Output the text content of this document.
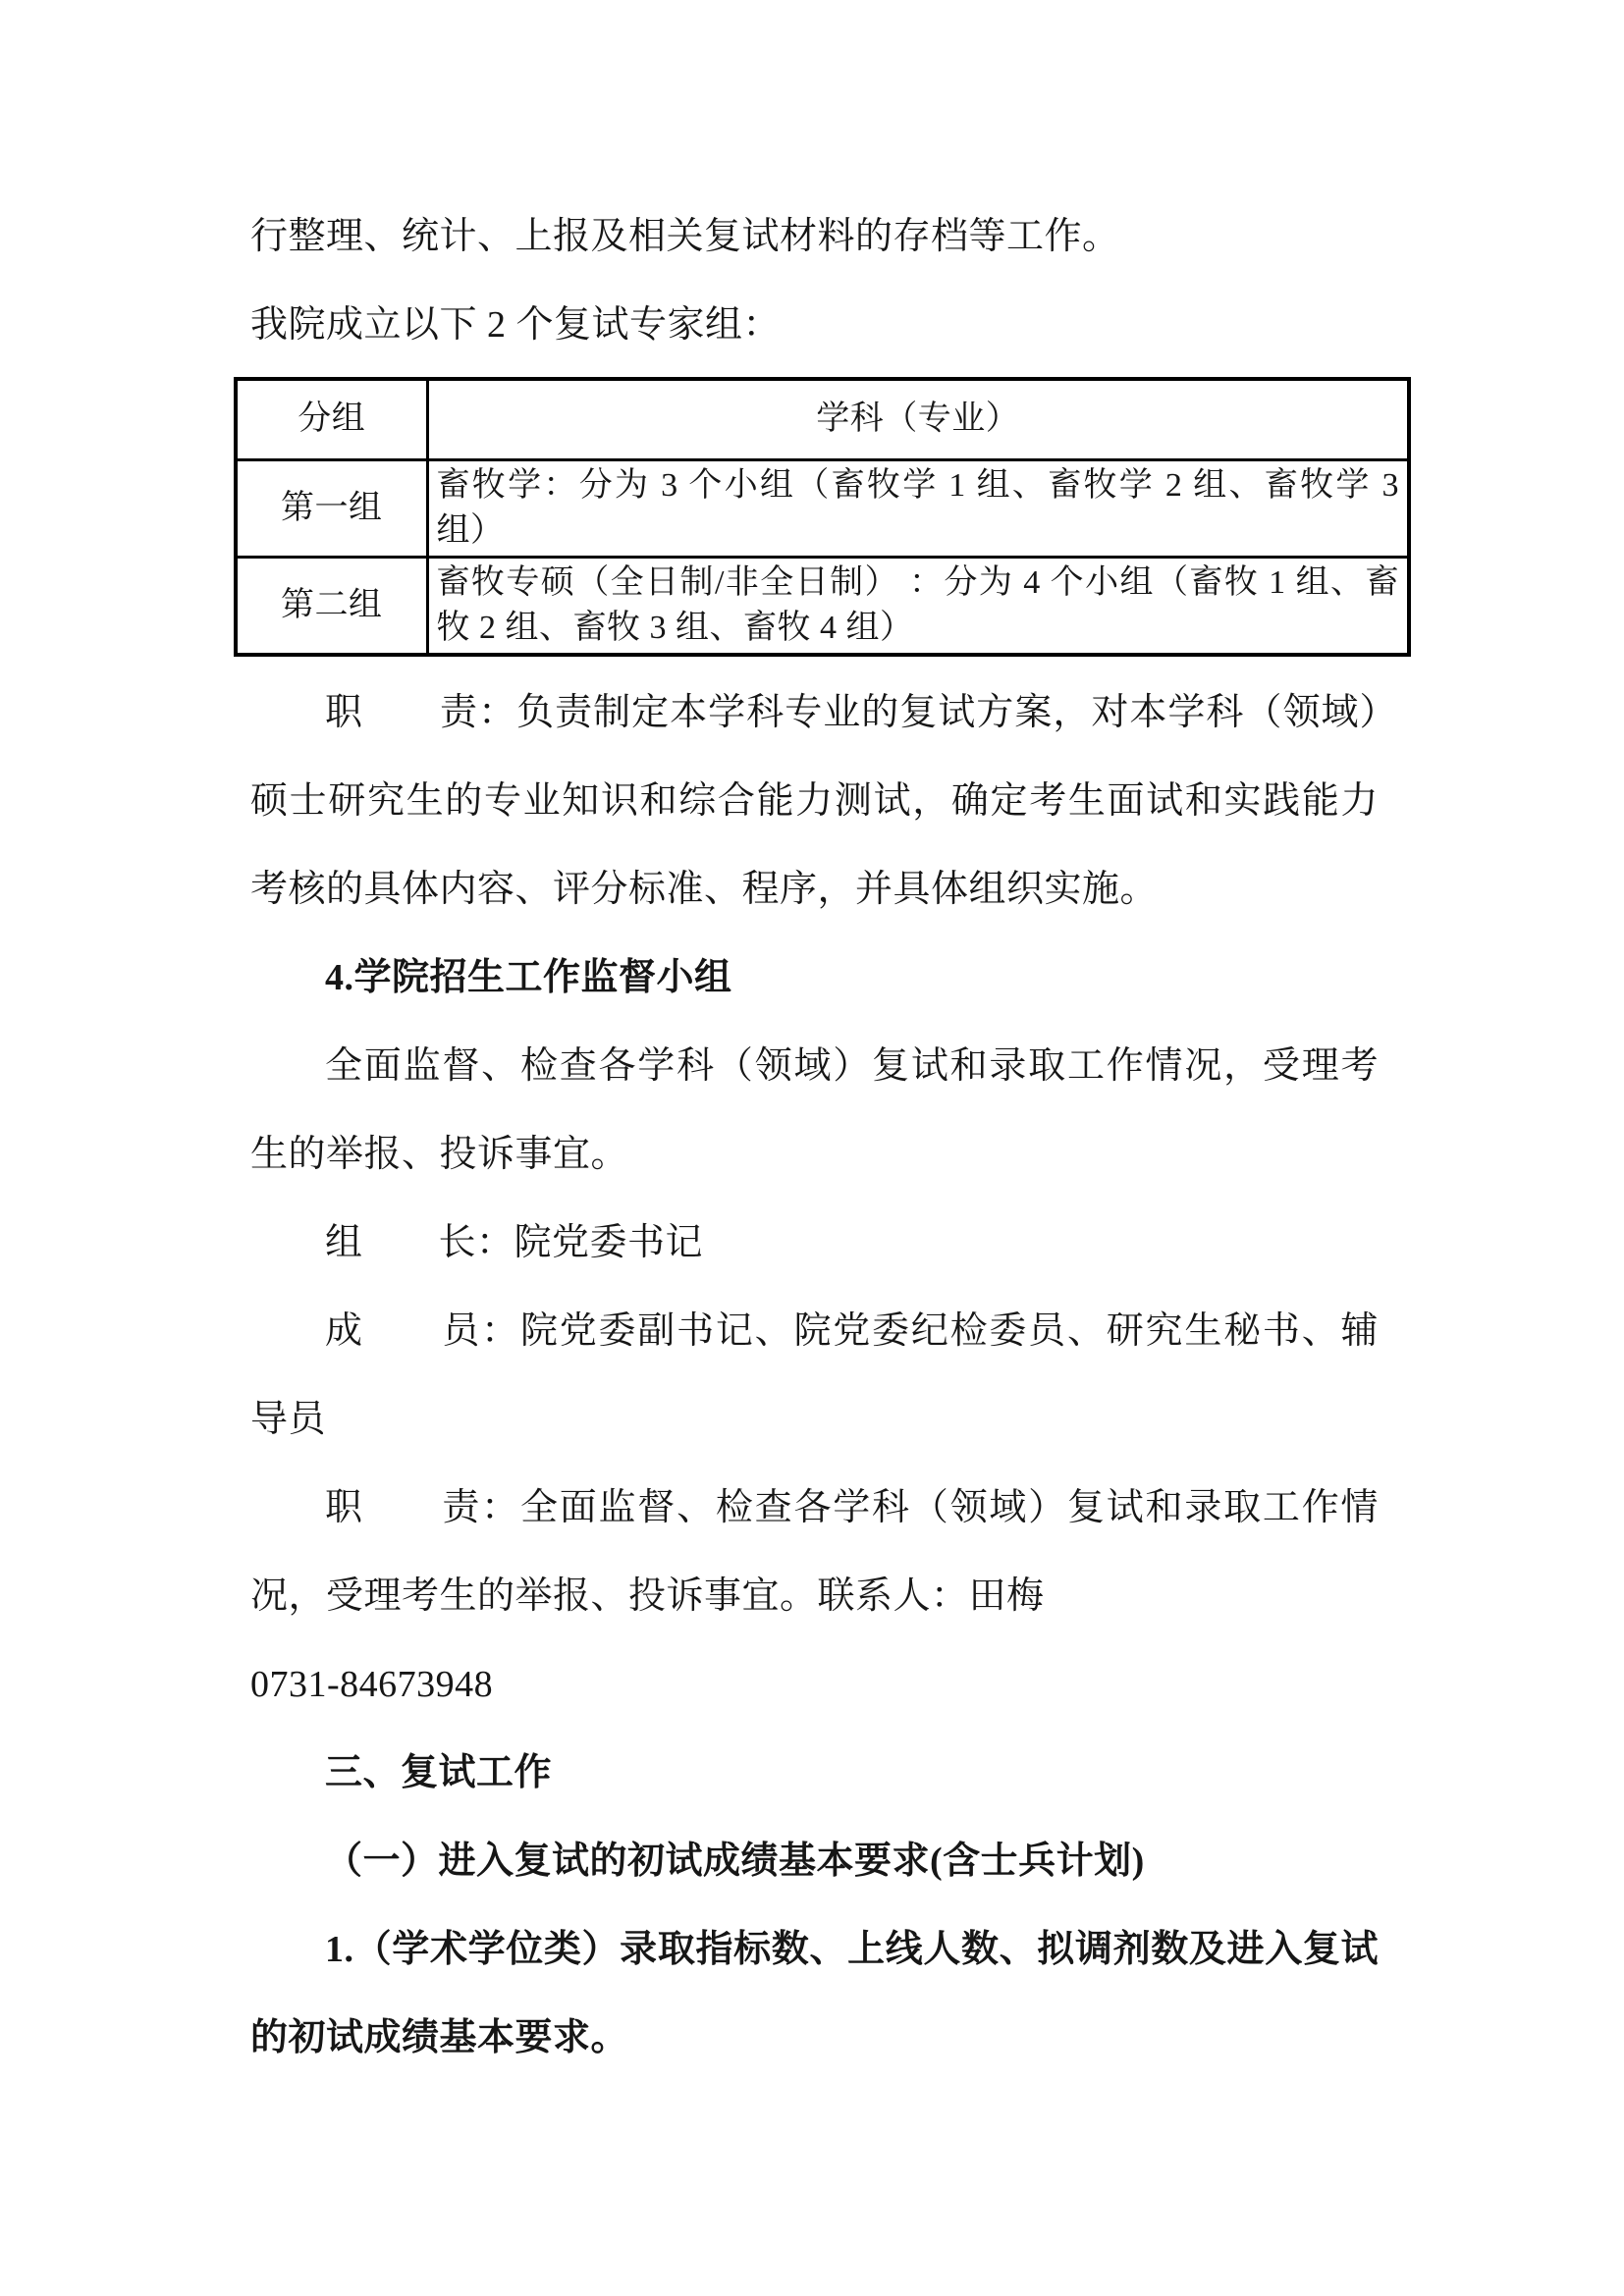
行整理、统计、上报及相关复试材料的存档等工作。

我院成立以下 2 个复试专家组：

分组	学科（专业）
第一组	畜牧学：分为 3 个小组（畜牧学 1 组、畜牧学 2 组、畜牧学 3 组）
第二组	畜牧专硕（全日制/非全日制） ：分为 4 个小组（畜牧 1 组、畜牧 2 组、畜牧 3 组、畜牧 4 组）

职　　责：负责制定本学科专业的复试方案，对本学科（领域）硕士研究生的专业知识和综合能力测试，确定考生面试和实践能力考核的具体内容、评分标准、程序，并具体组织实施。

4.学院招生工作监督小组

全面监督、检查各学科（领域）复试和录取工作情况，受理考生的举报、投诉事宜。

组　　长：院党委书记

成　　员：院党委副书记、院党委纪检委员、研究生秘书、辅导员

职　　责：全面监督、检查各学科（领域）复试和录取工作情况，受理考生的举报、投诉事宜。联系人：田梅

0731-84673948

三、复试工作

（一）进入复试的初试成绩基本要求(含士兵计划)

1.（学术学位类）录取指标数、上线人数、拟调剂数及进入复试的初试成绩基本要求。
